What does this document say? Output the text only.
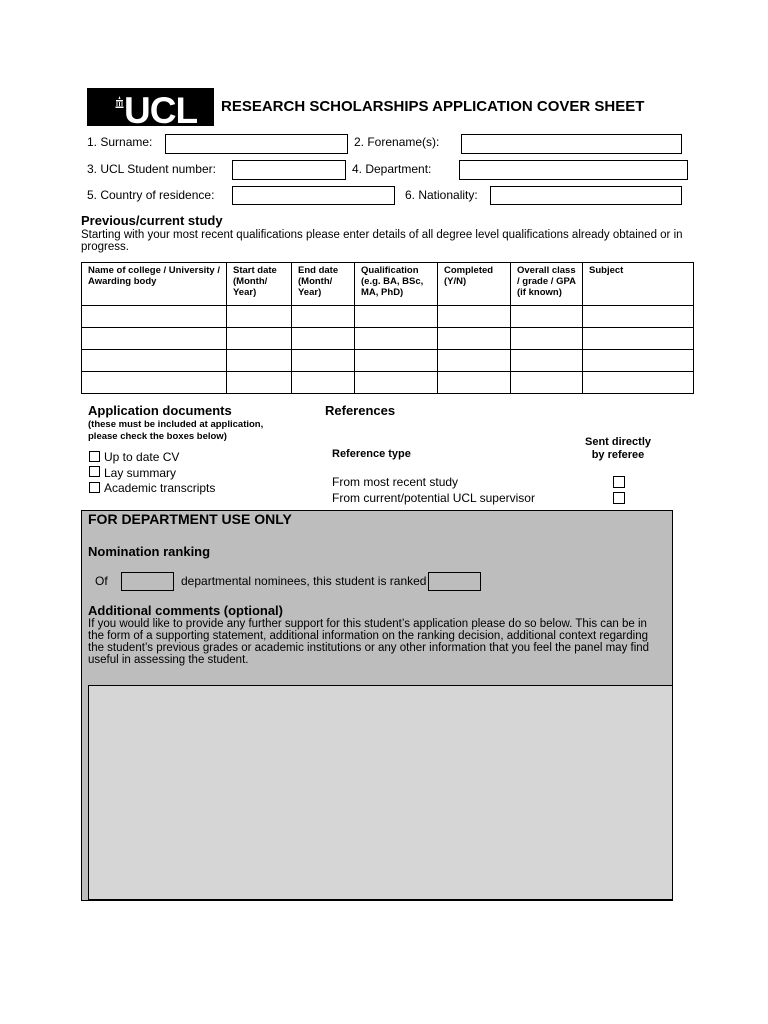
UCL RESEARCH SCHOLARSHIPS APPLICATION COVER SHEET
1. Surname:	2. Forename(s):
3. UCL Student number:	4. Department:
5. Country of residence:	6. Nationality:
Previous/current study
Starting with your most recent qualifications please enter details of all degree level qualifications already obtained or in progress.
Name of college / University / Awarding body	Start date (Month/ Year)	End date (Month/ Year)	Qualification (e.g. BA, BSc, MA, PhD)	Completed (Y/N)	Overall class / grade / GPA (if known)	Subject

Application documents
(these must be included at application, please check the boxes below)
Up to date CV
Lay summary
Academic transcripts
References
Reference type
Sent directly by referee
From most recent study
From current/potential UCL supervisor
FOR DEPARTMENT USE ONLY
Nomination ranking
Of	departmental nominees, this student is ranked
Additional comments (optional)
If you would like to provide any further support for this student’s application please do so below. This can be in the form of a supporting statement, additional information on the ranking decision, additional context regarding the student’s previous grades or academic institutions or any other information that you feel the panel may find useful in assessing the student.
